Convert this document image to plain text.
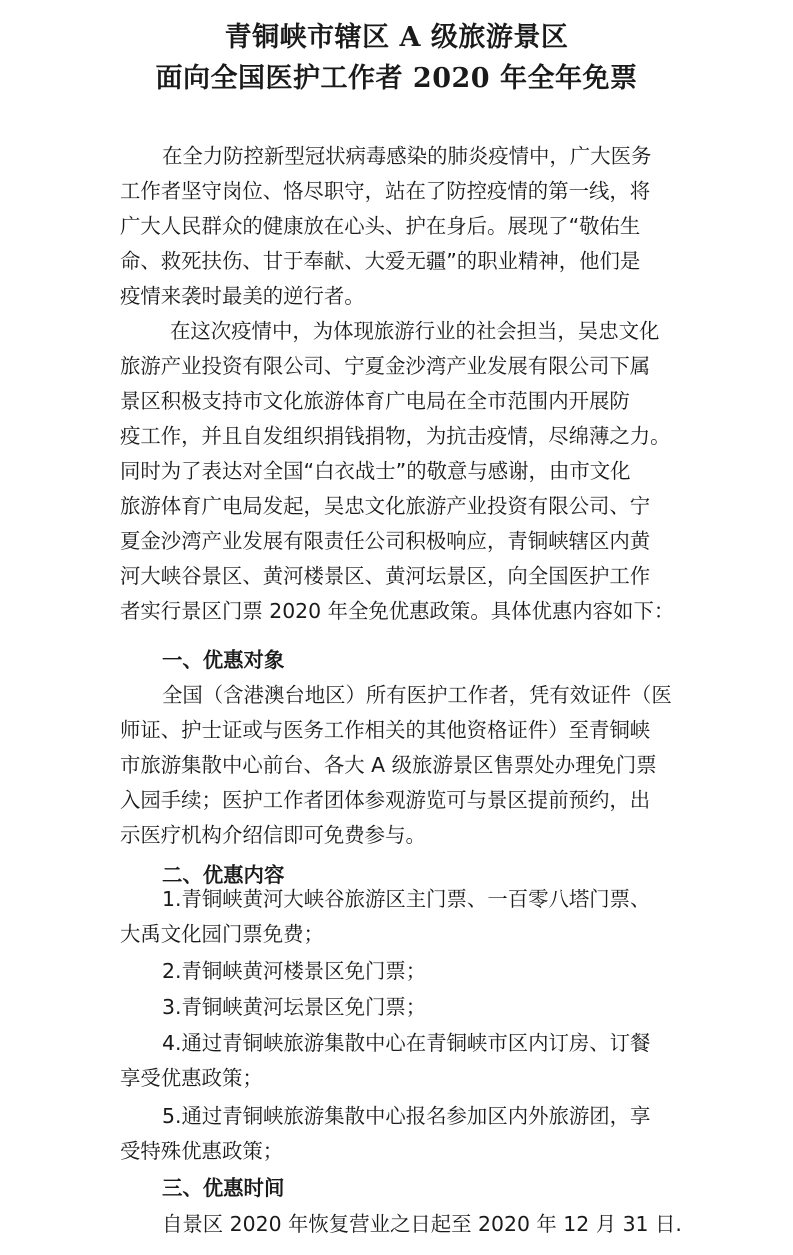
青铜峡市辖区 A 级旅游景区
面向全国医护工作者 2020 年全年免票
在全力防控新型冠状病毒感染的肺炎疫情中，广大医务
工作者坚守岗位、恪尽职守，站在了防控疫情的第一线，将
广大人民群众的健康放在心头、护在身后。展现了“敬佑生
命、救死扶伤、甘于奉献、大爱无疆”的职业精神，他们是
疫情来袭时最美的逆行者。
在这次疫情中，为体现旅游行业的社会担当，吴忠文化
旅游产业投资有限公司、宁夏金沙湾产业发展有限公司下属
景区积极支持市文化旅游体育广电局在全市范围内开展防
疫工作，并且自发组织捐钱捐物，为抗击疫情，尽绵薄之力。
同时为了表达对全国“白衣战士”的敬意与感谢，由市文化
旅游体育广电局发起，吴忠文化旅游产业投资有限公司、宁
夏金沙湾产业发展有限责任公司积极响应，青铜峡辖区内黄
河大峡谷景区、黄河楼景区、黄河坛景区，向全国医护工作
者实行景区门票 2020 年全免优惠政策。具体优惠内容如下：
一、优惠对象
全国（含港澳台地区）所有医护工作者，凭有效证件（医
师证、护士证或与医务工作相关的其他资格证件）至青铜峡
市旅游集散中心前台、各大 A 级旅游景区售票处办理免门票
入园手续；医护工作者团体参观游览可与景区提前预约，出
示医疗机构介绍信即可免费参与。
二、优惠内容
1.青铜峡黄河大峡谷旅游区主门票、一百零八塔门票、
大禹文化园门票免费；
2.青铜峡黄河楼景区免门票；
3.青铜峡黄河坛景区免门票；
4.通过青铜峡旅游集散中心在青铜峡市区内订房、订餐
享受优惠政策；
5.通过青铜峡旅游集散中心报名参加区内外旅游团，享
受特殊优惠政策；
三、优惠时间
自景区 2020 年恢复营业之日起至 2020 年 12 月 31 日.
